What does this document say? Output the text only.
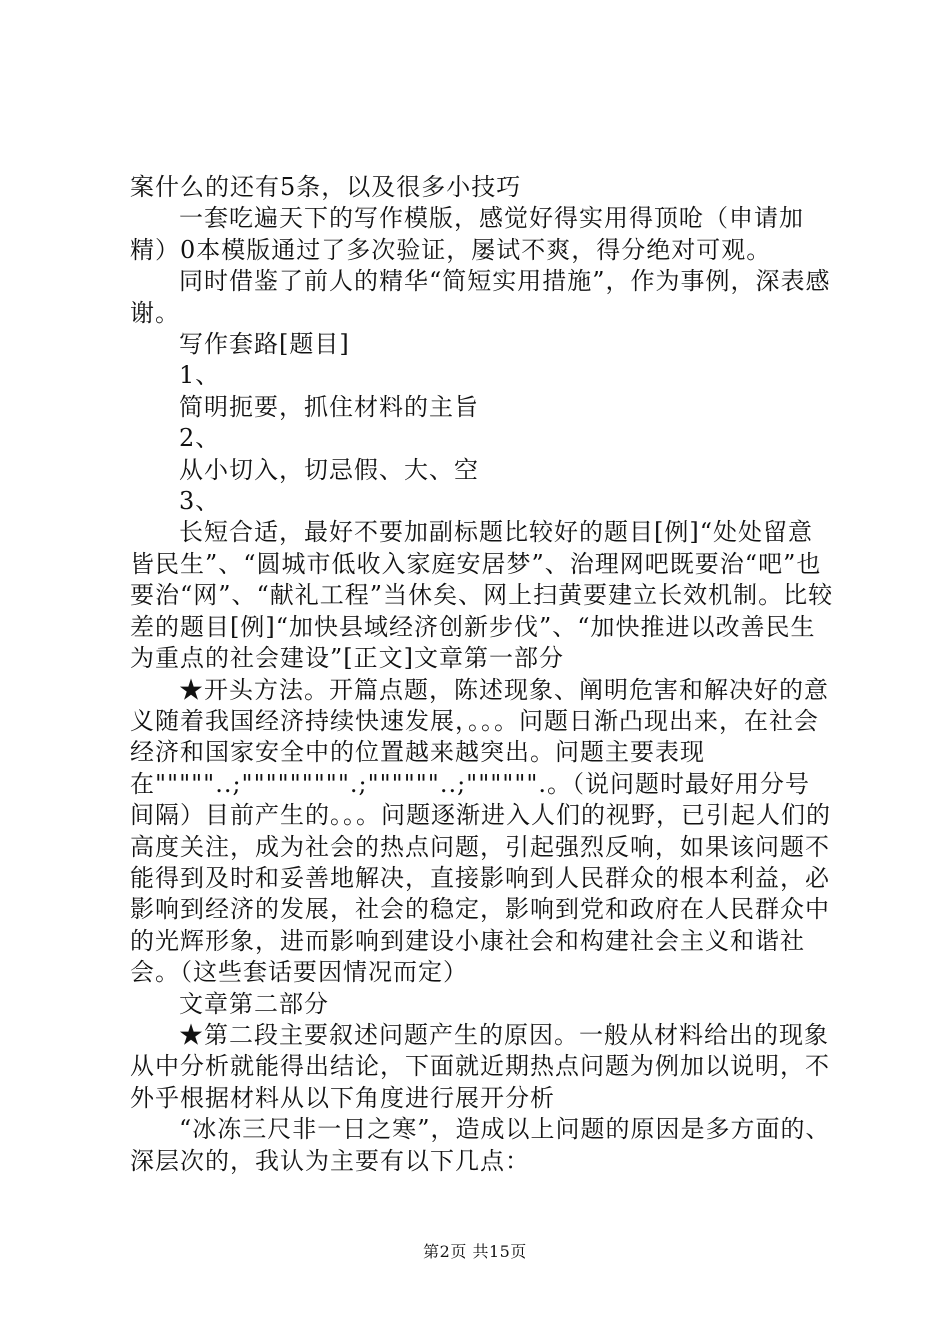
案什么的还有5条，以及很多小技巧

一套吃遍天下的写作模版，感觉好得实用得顶呛（申请加精）0本模版通过了多次验证，屡试不爽，得分绝对可观。

同时借鉴了前人的精华“简短实用措施”，作为事例，深表感谢。

写作套路[题目]

1、

简明扼要，抓住材料的主旨

2、

从小切入，切忌假、大、空

3、

长短合适，最好不要加副标题比较好的题目[例]“处处留意皆民生”、“圆城市低收入家庭安居梦”、治理网吧既要治“吧”也要治“网”、“献礼工程”当休矣、网上扫黄要建立长效机制。比较差的题目[例]“加快县域经济创新步伐”、“加快推进以改善民生为重点的社会建设”[正文]文章第一部分

★开头方法。开篇点题，陈述现象、阐明危害和解决好的意义随着我国经济持续快速发展，。。。问题日渐凸现出来，在社会经济和国家安全中的位置越来越突出。问题主要表现在"""""..;""""""""".;""""""..;"""""".。（说问题时最好用分号间隔）目前产生的。。。问题逐渐进入人们的视野，已引起人们的高度关注，成为社会的热点问题，引起强烈反响，如果该问题不能得到及时和妥善地解决，直接影响到人民群众的根本利益，必影响到经济的发展，社会的稳定，影响到党和政府在人民群众中的光辉形象，进而影响到建设小康社会和构建社会主义和谐社会。（这些套话要因情况而定）

文章第二部分

★第二段主要叙述问题产生的原因。一般从材料给出的现象从中分析就能得出结论，下面就近期热点问题为例加以说明，不外乎根据材料从以下角度进行展开分析

“冰冻三尺非一日之寒”，造成以上问题的原因是多方面的、深层次的，我认为主要有以下几点：

第2页 共15页
